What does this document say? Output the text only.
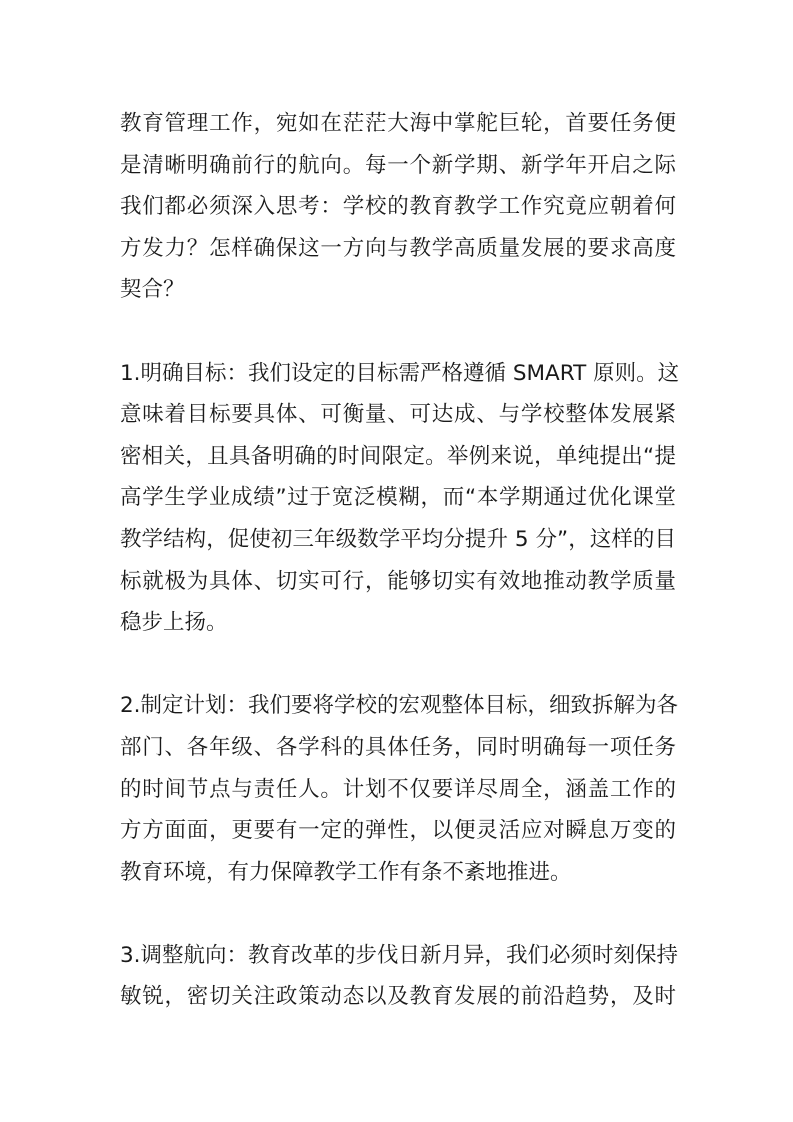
教育管理工作，宛如在茫茫大海中掌舵巨轮，首要任务便
是清晰明确前行的航向。每一个新学期、新学年开启之际
我们都必须深入思考：学校的教育教学工作究竟应朝着何
方发力？怎样确保这一方向与教学高质量发展的要求高度
契合？
1.明确目标：我们设定的目标需严格遵循 SMART 原则。这
意味着目标要具体、可衡量、可达成、与学校整体发展紧
密相关，且具备明确的时间限定。举例来说，单纯提出“提
高学生学业成绩”过于宽泛模糊，而“本学期通过优化课堂
教学结构，促使初三年级数学平均分提升 5 分”，这样的目
标就极为具体、切实可行，能够切实有效地推动教学质量
稳步上扬。
2.制定计划：我们要将学校的宏观整体目标，细致拆解为各
部门、各年级、各学科的具体任务，同时明确每一项任务
的时间节点与责任人。计划不仅要详尽周全，涵盖工作的
方方面面，更要有一定的弹性，以便灵活应对瞬息万变的
教育环境，有力保障教学工作有条不紊地推进。
3.调整航向：教育改革的步伐日新月异，我们必须时刻保持
敏锐，密切关注政策动态以及教育发展的前沿趋势，及时
